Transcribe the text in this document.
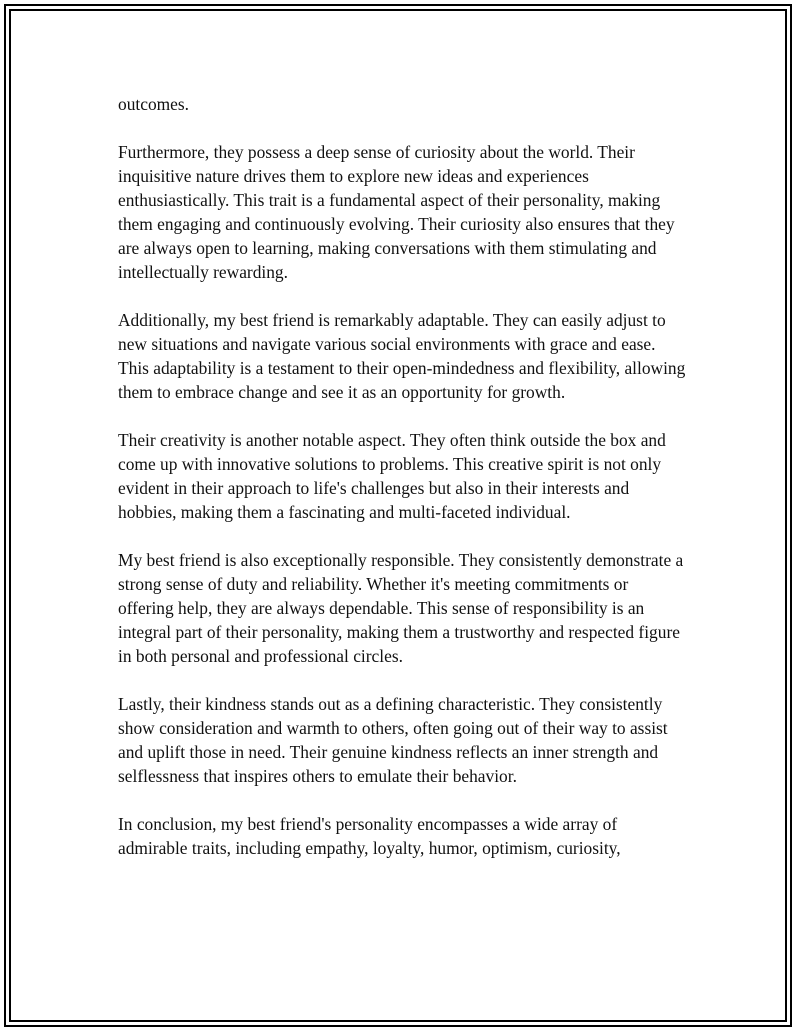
outcomes.

Furthermore, they possess a deep sense of curiosity about the world. Their inquisitive nature drives them to explore new ideas and experiences enthusiastically. This trait is a fundamental aspect of their personality, making them engaging and continuously evolving. Their curiosity also ensures that they are always open to learning, making conversations with them stimulating and intellectually rewarding.

Additionally, my best friend is remarkably adaptable. They can easily adjust to new situations and navigate various social environments with grace and ease. This adaptability is a testament to their open-mindedness and flexibility, allowing them to embrace change and see it as an opportunity for growth.

Their creativity is another notable aspect. They often think outside the box and come up with innovative solutions to problems. This creative spirit is not only evident in their approach to life's challenges but also in their interests and hobbies, making them a fascinating and multi-faceted individual.

My best friend is also exceptionally responsible. They consistently demonstrate a strong sense of duty and reliability. Whether it's meeting commitments or offering help, they are always dependable. This sense of responsibility is an integral part of their personality, making them a trustworthy and respected figure in both personal and professional circles.

Lastly, their kindness stands out as a defining characteristic. They consistently show consideration and warmth to others, often going out of their way to assist and uplift those in need. Their genuine kindness reflects an inner strength and selflessness that inspires others to emulate their behavior.

In conclusion, my best friend's personality encompasses a wide array of admirable traits, including empathy, loyalty, humor, optimism, curiosity,
